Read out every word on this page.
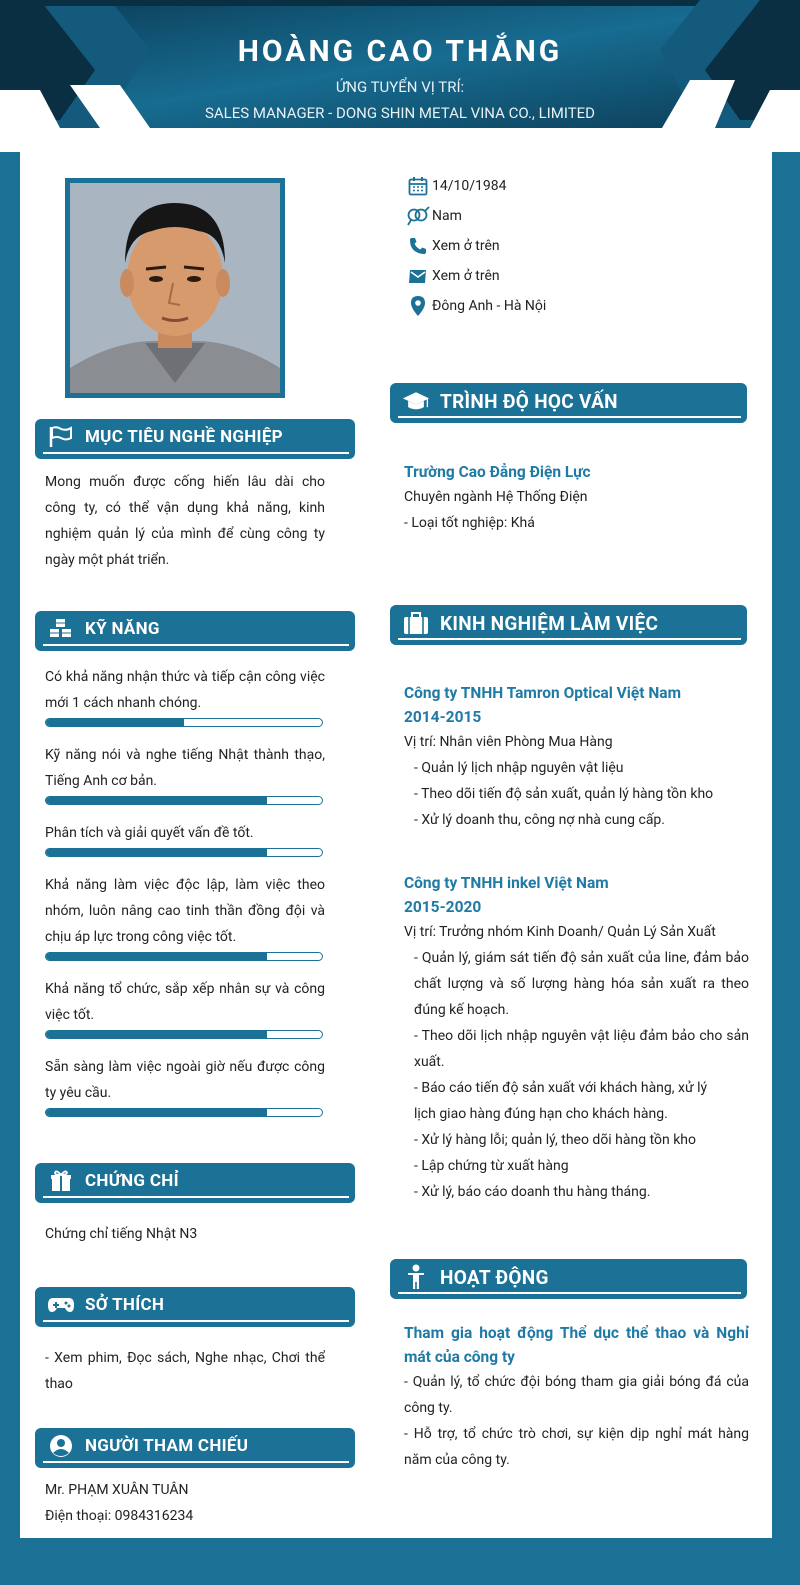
HOÀNG CAO THẮNG
ỨNG TUYỂN VỊ TRÍ:
SALES MANAGER - DONG SHIN METAL VINA CO., LIMITED
14/10/1984
Nam
Xem ở trên
Xem ở trên
Đông Anh - Hà Nội
MỤC TIÊU NGHỀ NGHIỆP
Mong muốn được cống hiến lâu dài cho công ty, có thể vận dụng khả năng, kinh nghiệm quản lý của mình để cùng công ty ngày một phát triển.
KỸ NĂNG
Có khả năng nhận thức và tiếp cận công việc mới 1 cách nhanh chóng.
Kỹ năng nói và nghe tiếng Nhật thành thạo, Tiếng Anh cơ bản.
Phân tích và giải quyết vấn đề tốt.
Khả năng làm việc độc lập, làm việc theo nhóm, luôn nâng cao tinh thần đồng đội và chịu áp lực trong công việc tốt.
Khả năng tổ chức, sắp xếp nhân sự và công việc tốt.
Sẵn sàng làm việc ngoài giờ nếu được công ty yêu cầu.
CHỨNG CHỈ
Chứng chỉ tiếng Nhật N3
SỞ THÍCH
- Xem phim, Đọc sách, Nghe nhạc, Chơi thể thao
NGƯỜI THAM CHIẾU
Mr. PHẠM XUÂN TUÂN
Điện thoại: 0984316234
TRÌNH ĐỘ HỌC VẤN
Trường Cao Đẳng Điện Lực
Chuyên ngành Hệ Thống Điện
- Loại tốt nghiệp: Khá
KINH NGHIỆM LÀM VIỆC
Công ty TNHH Tamron Optical Việt Nam
2014-2015
Vị trí: Nhân viên Phòng Mua Hàng
- Quản lý lịch nhập nguyên vật liệu
- Theo dõi tiến độ sản xuất, quản lý hàng tồn kho
- Xử lý doanh thu, công nợ nhà cung cấp.
Công ty TNHH inkel Việt Nam
2015-2020
Vị trí: Trưởng nhóm Kinh Doanh/ Quản Lý Sản Xuất
- Quản lý, giám sát tiến độ sản xuất của line, đảm bảo chất lượng và số lượng hàng hóa sản xuất ra theo đúng kế hoạch.
- Theo dõi lịch nhập nguyên vật liệu đảm bảo cho sản xuất.
- Báo cáo tiến độ sản xuất với khách hàng, xử lý
lịch giao hàng đúng hạn cho khách hàng.
- Xử lý hàng lỗi; quản lý, theo dõi hàng tồn kho
- Lập chứng từ xuất hàng
- Xử lý, báo cáo doanh thu hàng tháng.
HOẠT ĐỘNG
Tham gia hoạt động Thể dục thể thao và Nghỉ mát của công ty
- Quản lý, tổ chức đội bóng tham gia giải bóng đá của công ty.
- Hỗ trợ, tổ chức trò chơi, sự kiện dịp nghỉ mát hàng năm của công ty.
